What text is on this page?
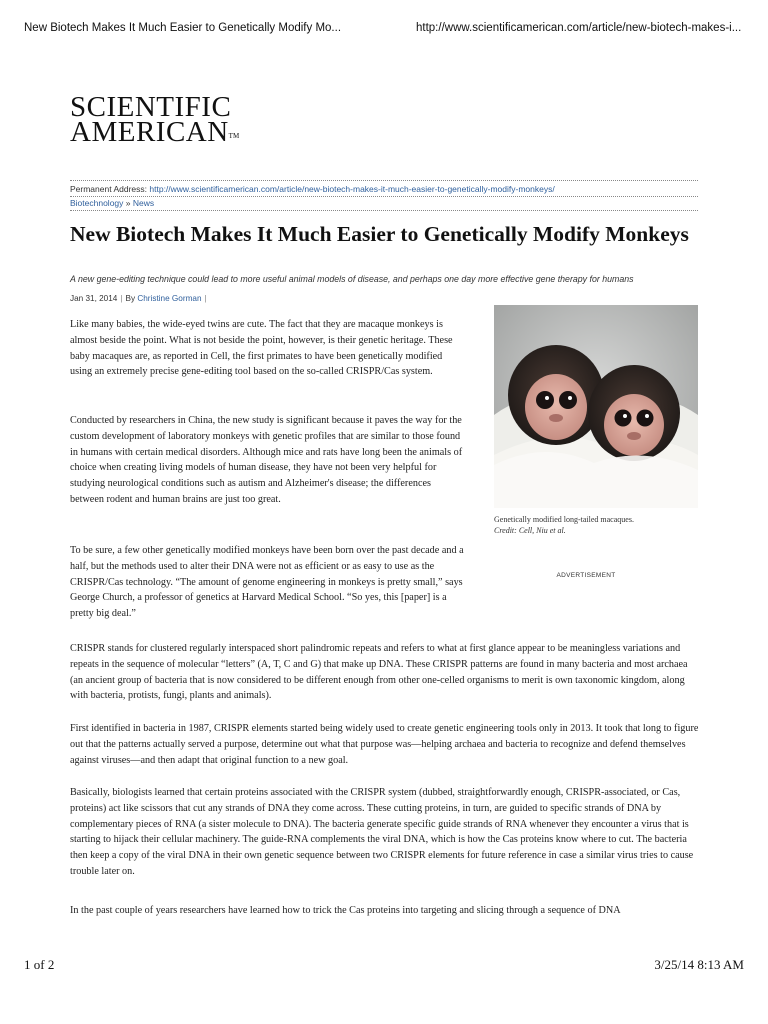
New Biotech Makes It Much Easier to Genetically Modify Mo...	http://www.scientificamerican.com/article/new-biotech-makes-i...
SCIENTIFIC
AMERICAN™
Permanent Address: http://www.scientificamerican.com/article/new-biotech-makes-it-much-easier-to-genetically-modify-monkeys/
Biotechnology » News
New Biotech Makes It Much Easier to Genetically Modify Monkeys
A new gene-editing technique could lead to more useful animal models of disease, and perhaps one day more effective gene therapy for humans
Jan 31, 2014 | By Christine Gorman |

Like many babies, the wide-eyed twins are cute. The fact that they are macaque monkeys is almost beside the point. What is not beside the point, however, is their genetic heritage. These baby macaques are, as reported in Cell, the first primates to have been genetically modified using an extremely precise gene-editing tool based on the so-called CRISPR/Cas system.

Conducted by researchers in China, the new study is significant because it paves the way for the custom development of laboratory monkeys with genetic profiles that are similar to those found in humans with certain medical disorders. Although mice and rats have long been the animals of choice when creating living models of human disease, they have not been very helpful for studying neurological conditions such as autism and Alzheimer's disease; the differences between rodent and human brains are just too great.

To be sure, a few other genetically modified monkeys have been born over the past decade and a half, but the methods used to alter their DNA were not as efficient or as easy to use as the CRISPR/Cas technology. “The amount of genome engineering in monkeys is pretty small,” says George Church, a professor of genetics at Harvard Medical School. “So yes, this [paper] is a pretty big deal.”

Genetically modified long-tailed macaques.
Credit: Cell, Niu et al.
ADVERTISEMENT

CRISPR stands for clustered regularly interspaced short palindromic repeats and refers to what at first glance appear to be meaningless variations and repeats in the sequence of molecular “letters” (A, T, C and G) that make up DNA. These CRISPR patterns are found in many bacteria and most archaea (an ancient group of bacteria that is now considered to be different enough from other one-celled organisms to merit is own taxonomic kingdom, along with bacteria, protists, fungi, plants and animals).

First identified in bacteria in 1987, CRISPR elements started being widely used to create genetic engineering tools only in 2013. It took that long to figure out that the patterns actually served a purpose, determine out what that purpose was—helping archaea and bacteria to recognize and defend themselves against viruses—and then adapt that original function to a new goal.

Basically, biologists learned that certain proteins associated with the CRISPR system (dubbed, straightforwardly enough, CRISPR-associated, or Cas, proteins) act like scissors that cut any strands of DNA they come across. These cutting proteins, in turn, are guided to specific strands of DNA by complementary pieces of RNA (a sister molecule to DNA). The bacteria generate specific guide strands of RNA whenever they encounter a virus that is starting to hijack their cellular machinery. The guide-RNA complements the viral DNA, which is how the Cas proteins know where to cut. The bacteria then keep a copy of the viral DNA in their own genetic sequence between two CRISPR elements for future reference in case a similar virus tries to cause trouble later on.

In the past couple of years researchers have learned how to trick the Cas proteins into targeting and slicing through a sequence of DNA

1 of 2	3/25/14 8:13 AM
